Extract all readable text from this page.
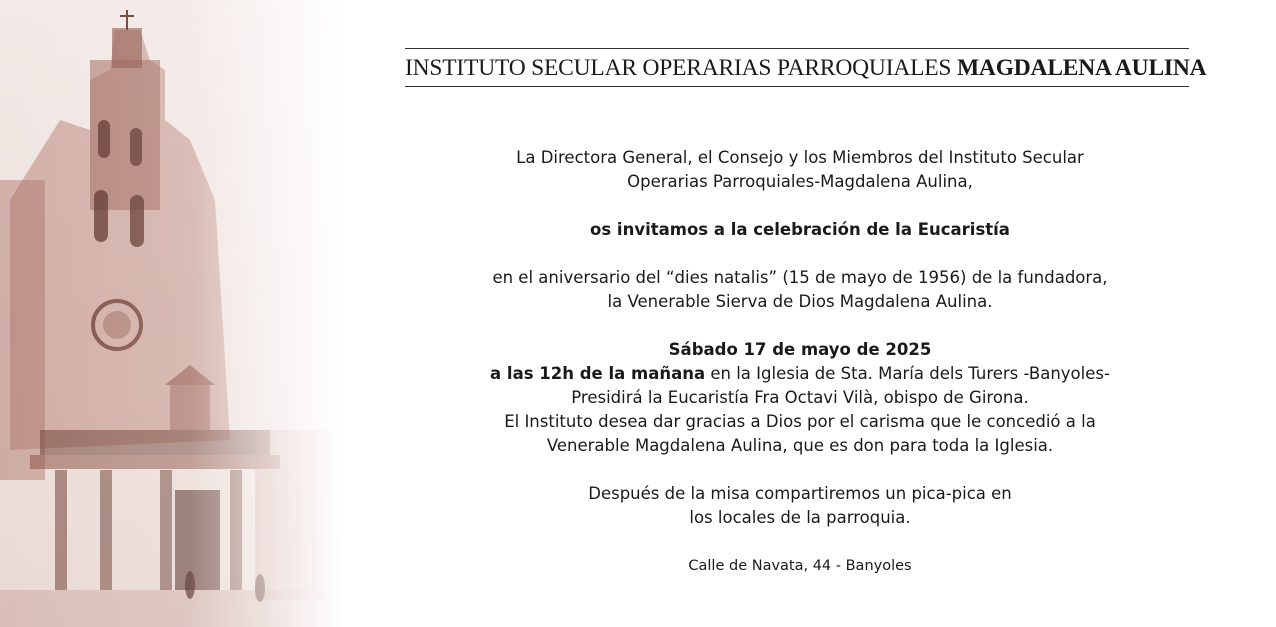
INSTITUTO SECULAR OPERARIAS PARROQUIALES MAGDALENA AULINA

La Directora General, el Consejo y los Miembros del Instituto Secular

Operarias Parroquiales-Magdalena Aulina,

os invitamos a la celebración de la Eucaristía

en el aniversario del “dies natalis” (15 de mayo de 1956) de la fundadora,

la Venerable Sierva de Dios Magdalena Aulina.

Sábado 17 de mayo de 2025

a las 12h de la mañana en la Iglesia de Sta. María dels Turers -Banyoles-

Presidirá la Eucaristía Fra Octavi Vilà, obispo de Girona.

El Instituto desea dar gracias a Dios por el carisma que le concedió a la

Venerable Magdalena Aulina, que es don para toda la Iglesia.

Después de la misa compartiremos un pica-pica en

los locales de la parroquia.

Calle de Navata, 44 - Banyoles
